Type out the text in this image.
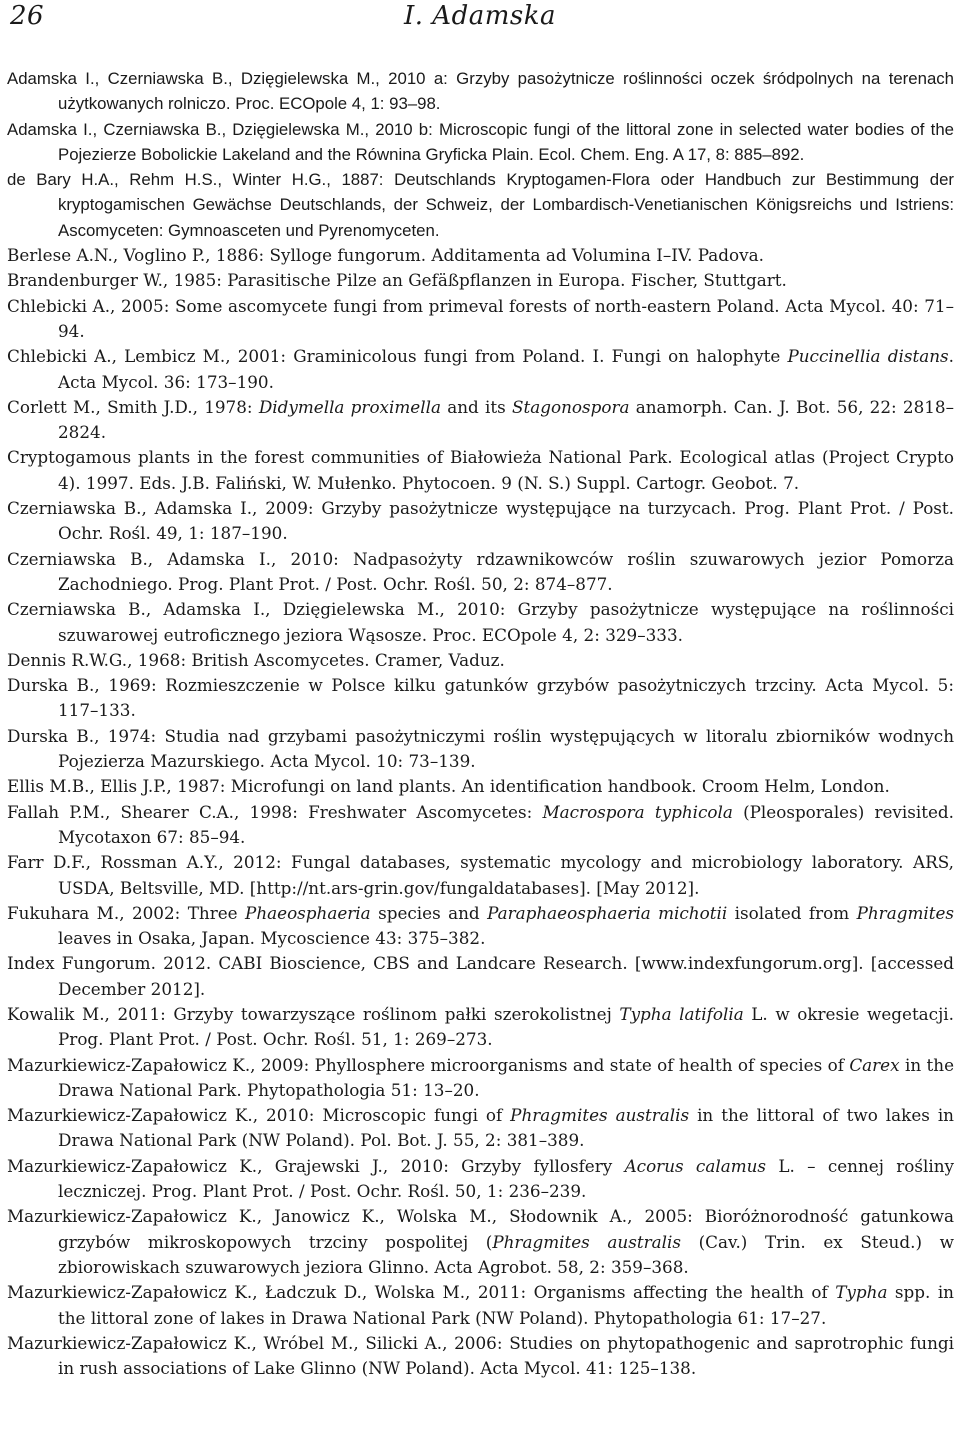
26	I. Adamska

Adamska I., Czerniawska B., Dzięgielewska M., 2010 a: Grzyby pasożytnicze roślinności oczek śródpolnych na terenach użytkowanych rolniczo. Proc. ECOpole 4, 1: 93–98.

Adamska I., Czerniawska B., Dzięgielewska M., 2010 b: Microscopic fungi of the littoral zone in selected water bodies of the Pojezierze Bobolickie Lakeland and the Równina Gryficka Plain. Ecol. Chem. Eng. A 17, 8: 885–892.

de Bary H.A., Rehm H.S., Winter H.G., 1887: Deutschlands Kryptogamen-Flora oder Handbuch zur Bestimmung der kryptogamischen Gewächse Deutschlands, der Schweiz, der Lombardisch-Venetianischen Königsreichs und Istriens: Ascomyceten: Gymnoasceten und Pyrenomyceten.

Berlese A.N., Voglino P., 1886: Sylloge fungorum. Additamenta ad Volumina I–IV. Padova.

Brandenburger W., 1985: Parasitische Pilze an Gefäßpflanzen in Europa. Fischer, Stuttgart.

Chlebicki A., 2005: Some ascomycete fungi from primeval forests of north-eastern Poland. Acta Mycol. 40: 71–94.

Chlebicki A., Lembicz M., 2001: Graminicolous fungi from Poland. I. Fungi on halophyte Puccinellia distans. Acta Mycol. 36: 173–190.

Corlett M., Smith J.D., 1978: Didymella proximella and its Stagonospora anamorph. Can. J. Bot. 56, 22: 2818–2824.

Cryptogamous plants in the forest communities of Białowieża National Park. Ecological atlas (Project Crypto 4). 1997. Eds. J.B. Faliński, W. Mułenko. Phytocoen. 9 (N. S.) Suppl. Cartogr. Geobot. 7.

Czerniawska B., Adamska I., 2009: Grzyby pasożytnicze występujące na turzycach. Prog. Plant Prot. / Post. Ochr. Rośl. 49, 1: 187–190.

Czerniawska B., Adamska I., 2010: Nadpasożyty rdzawnikowców roślin szuwarowych jezior Pomorza Zachodniego. Prog. Plant Prot. / Post. Ochr. Rośl. 50, 2: 874–877.

Czerniawska B., Adamska I., Dzięgielewska M., 2010: Grzyby pasożytnicze występujące na roślinności szuwarowej eutroficznego jeziora Wąsosze. Proc. ECOpole 4, 2: 329–333.

Dennis R.W.G., 1968: British Ascomycetes. Cramer, Vaduz.

Durska B., 1969: Rozmieszczenie w Polsce kilku gatunków grzybów pasożytniczych trzciny. Acta Mycol. 5: 117–133.

Durska B., 1974: Studia nad grzybami pasożytniczymi roślin występujących w litoralu zbiorników wodnych Pojezierza Mazurskiego. Acta Mycol. 10: 73–139.

Ellis M.B., Ellis J.P., 1987: Microfungi on land plants. An identification handbook. Croom Helm, London.

Fallah P.M., Shearer C.A., 1998: Freshwater Ascomycetes: Macrospora typhicola (Pleosporales) revisited. Mycotaxon 67: 85–94.

Farr D.F., Rossman A.Y., 2012: Fungal databases, systematic mycology and microbiology laboratory. ARS, USDA, Beltsville, MD. [http://nt.ars-grin.gov/fungaldatabases]. [May 2012].

Fukuhara M., 2002: Three Phaeosphaeria species and Paraphaeosphaeria michotii isolated from Phragmites leaves in Osaka, Japan. Mycoscience 43: 375–382.

Index Fungorum. 2012. CABI Bioscience, CBS and Landcare Research. [www.indexfungorum.org]. [accessed December 2012].

Kowalik M., 2011: Grzyby towarzyszące roślinom pałki szerokolistnej Typha latifolia L. w okresie wegetacji. Prog. Plant Prot. / Post. Ochr. Rośl. 51, 1: 269–273.

Mazurkiewicz-Zapałowicz K., 2009: Phyllosphere microorganisms and state of health of species of Carex in the Drawa National Park. Phytopathologia 51: 13–20.

Mazurkiewicz-Zapałowicz K., 2010: Microscopic fungi of Phragmites australis in the littoral of two lakes in Drawa National Park (NW Poland). Pol. Bot. J. 55, 2: 381–389.

Mazurkiewicz-Zapałowicz K., Grajewski J., 2010: Grzyby fyllosfery Acorus calamus L. – cennej rośliny leczniczej. Prog. Plant Prot. / Post. Ochr. Rośl. 50, 1: 236–239.

Mazurkiewicz-Zapałowicz K., Janowicz K., Wolska M., Słodownik A., 2005: Bioróżnorodność gatunkowa grzybów mikroskopowych trzciny pospolitej (Phragmites australis (Cav.) Trin. ex Steud.) w zbiorowiskach szuwarowych jeziora Glinno. Acta Agrobot. 58, 2: 359–368.

Mazurkiewicz-Zapałowicz K., Ładczuk D., Wolska M., 2011: Organisms affecting the health of Typha spp. in the littoral zone of lakes in Drawa National Park (NW Poland). Phytopathologia 61: 17–27.

Mazurkiewicz-Zapałowicz K., Wróbel M., Silicki A., 2006: Studies on phytopathogenic and saprotrophic fungi in rush associations of Lake Glinno (NW Poland). Acta Mycol. 41: 125–138.
